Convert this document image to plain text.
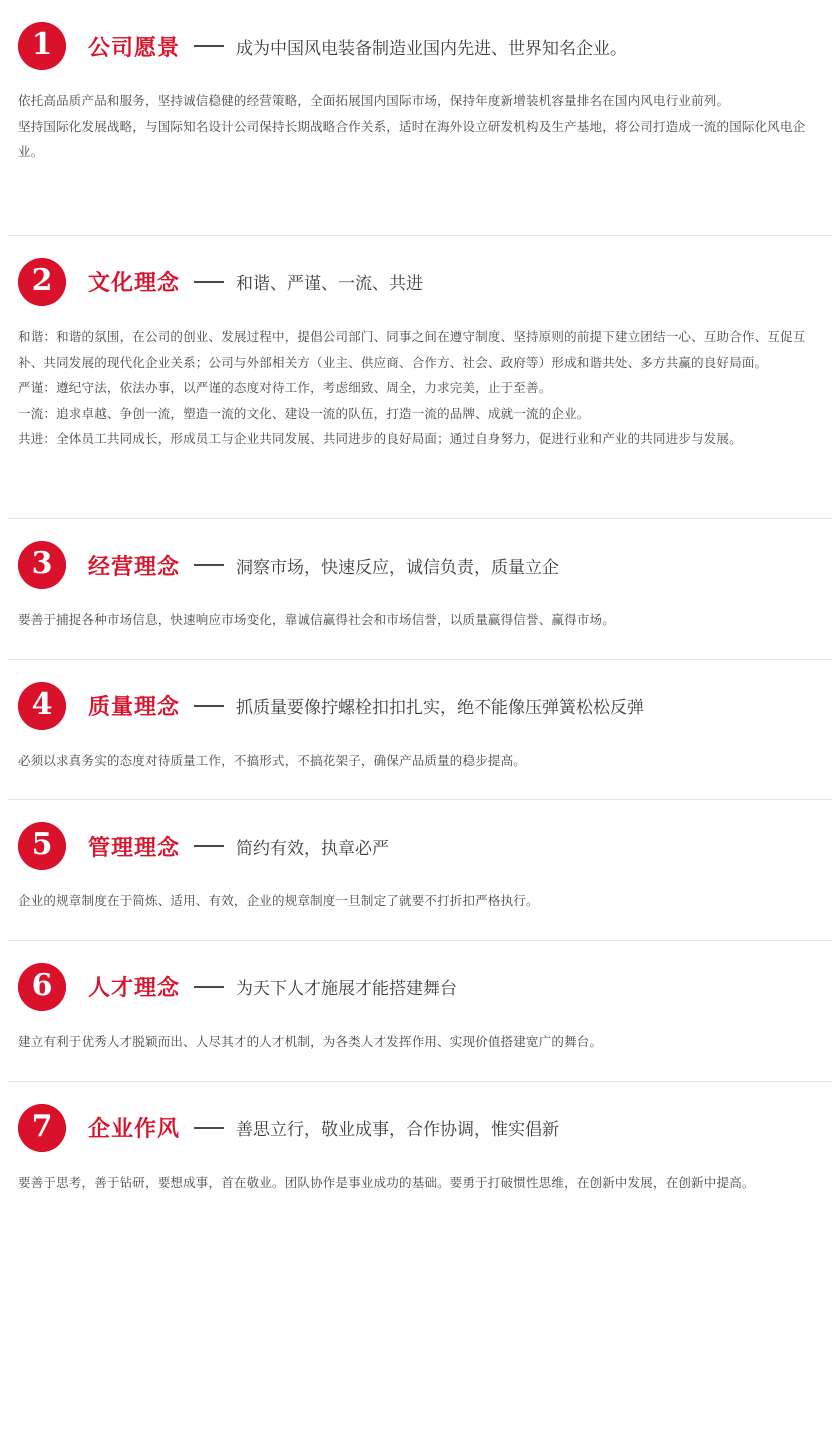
1 公司愿景	成为中国风电装备制造业国内先进、世界知名企业。

依托高品质产品和服务，坚持诚信稳健的经营策略，全面拓展国内国际市场，保持年度新增装机容量排名在国内风电行业前列。

坚持国际化发展战略，与国际知名设计公司保持长期战略合作关系，适时在海外设立研发机构及生产基地，将公司打造成一流的国际化风电企业。

2 文化理念	和谐、严谨、一流、共进

和谐：和谐的氛围，在公司的创业、发展过程中，提倡公司部门、同事之间在遵守制度、坚持原则的前提下建立团结一心、互助合作、互促互补、共同发展的现代化企业关系；公司与外部相关方（业主、供应商、合作方、社会、政府等）形成和谐共处、多方共赢的良好局面。

严谨：遵纪守法，依法办事，以严谨的态度对待工作，考虑细致、周全，力求完美，止于至善。

一流：追求卓越、争创一流，塑造一流的文化、建设一流的队伍，打造一流的品牌、成就一流的企业。

共进：全体员工共同成长，形成员工与企业共同发展、共同进步的良好局面；通过自身努力，促进行业和产业的共同进步与发展。

3 经营理念	洞察市场，快速反应，诚信负责，质量立企

要善于捕捉各种市场信息，快速响应市场变化，靠诚信赢得社会和市场信誉，以质量赢得信誉、赢得市场。

4 质量理念	抓质量要像拧螺栓扣扣扎实，绝不能像压弹簧松松反弹

必须以求真务实的态度对待质量工作，不搞形式，不搞花架子，确保产品质量的稳步提高。

5 管理理念	简约有效，执章必严

企业的规章制度在于简炼、适用、有效，企业的规章制度一旦制定了就要不打折扣严格执行。

6 人才理念	为天下人才施展才能搭建舞台

建立有利于优秀人才脱颖而出、人尽其才的人才机制，为各类人才发挥作用、实现价值搭建宽广的舞台。

7 企业作风	善思立行，敬业成事，合作协调，惟实倡新

要善于思考，善于钻研，要想成事，首在敬业。团队协作是事业成功的基础。要勇于打破惯性思维，在创新中发展，在创新中提高。
